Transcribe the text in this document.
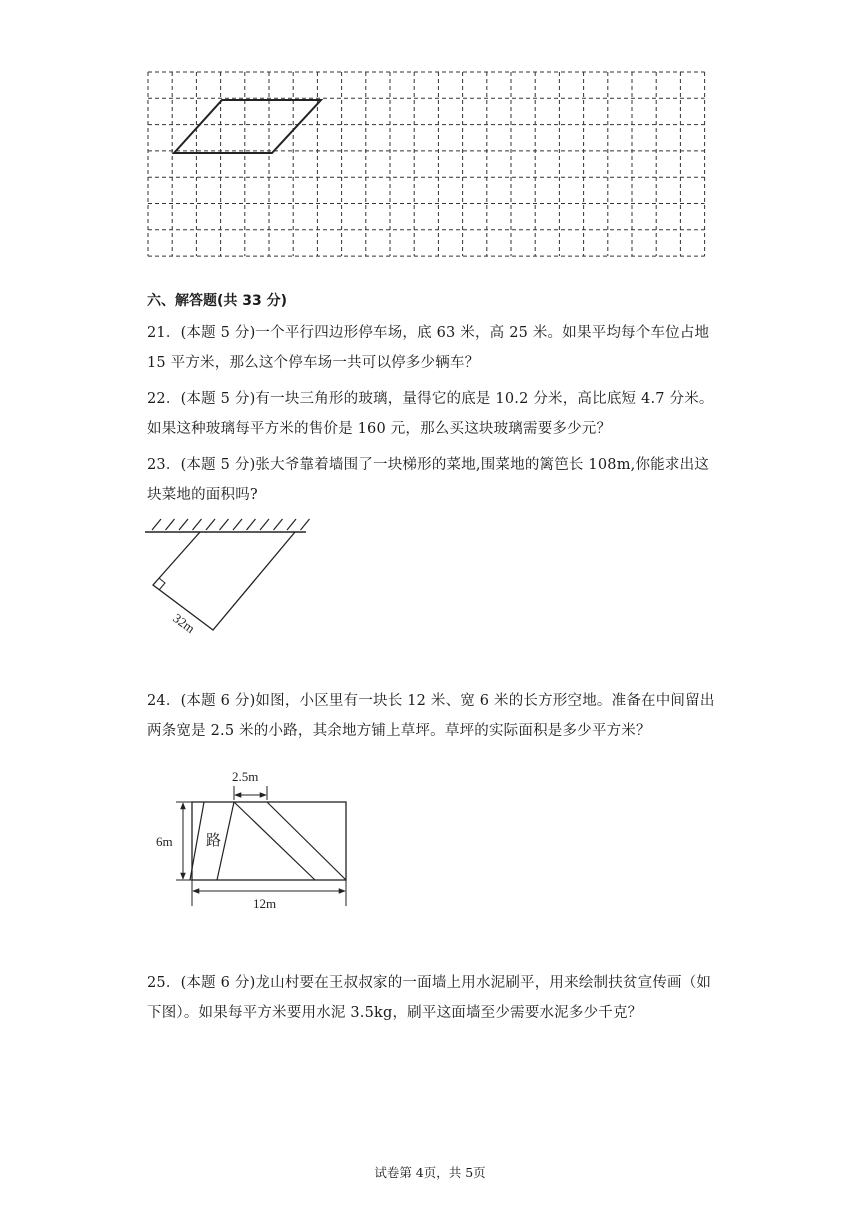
六、解答题(共 33 分)
21．(本题 5 分)一个平行四边形停车场，底 63 米，高 25 米。如果平均每个车位占地 15 平方米，那么这个停车场一共可以停多少辆车？
22．(本题 5 分)有一块三角形的玻璃，量得它的底是 10.2 分米，高比底短 4.7 分米。如果这种玻璃每平方米的售价是 160 元，那么买这块玻璃需要多少元？
23．(本题 5 分)张大爷靠着墙围了一块梯形的菜地,围菜地的篱笆长 108m,你能求出这块菜地的面积吗?
32m
24．(本题 6 分)如图，小区里有一块长 12 米、宽 6 米的长方形空地。准备在中间留出两条宽是 2.5 米的小路，其余地方铺上草坪。草坪的实际面积是多少平方米？
2.5m
路
6m
12m
25．(本题 6 分)龙山村要在王叔叔家的一面墙上用水泥刷平，用来绘制扶贫宣传画（如下图）。如果每平方米要用水泥 3.5kg，刷平这面墙至少需要水泥多少千克？
试卷第 4页，共 5页
